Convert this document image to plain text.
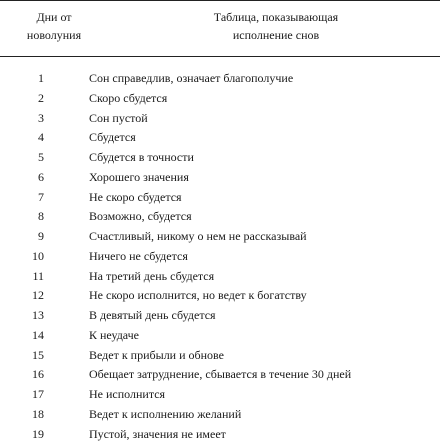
Дни от
новолуния
Таблица, показывающая
исполнение снов
1	Сон справедлив, означает благополучие
2	Скоро сбудется
3	Сон пустой
4	Сбудется
5	Сбудется в точности
6	Хорошего значения
7	Не скоро сбудется
8	Возможно, сбудется
9	Счастливый, никому о нем не рассказывай
10	Ничего не сбудется
11	На третий день сбудется
12	Не скоро исполнится, но ведет к богатству
13	В девятый день сбудется
14	К неудаче
15	Ведет к прибыли и обнове
16	Обещает затруднение, сбывается в течение 30 дней
17	Не исполнится
18	Ведет к исполнению желаний
19	Пустой, значения не имеет
